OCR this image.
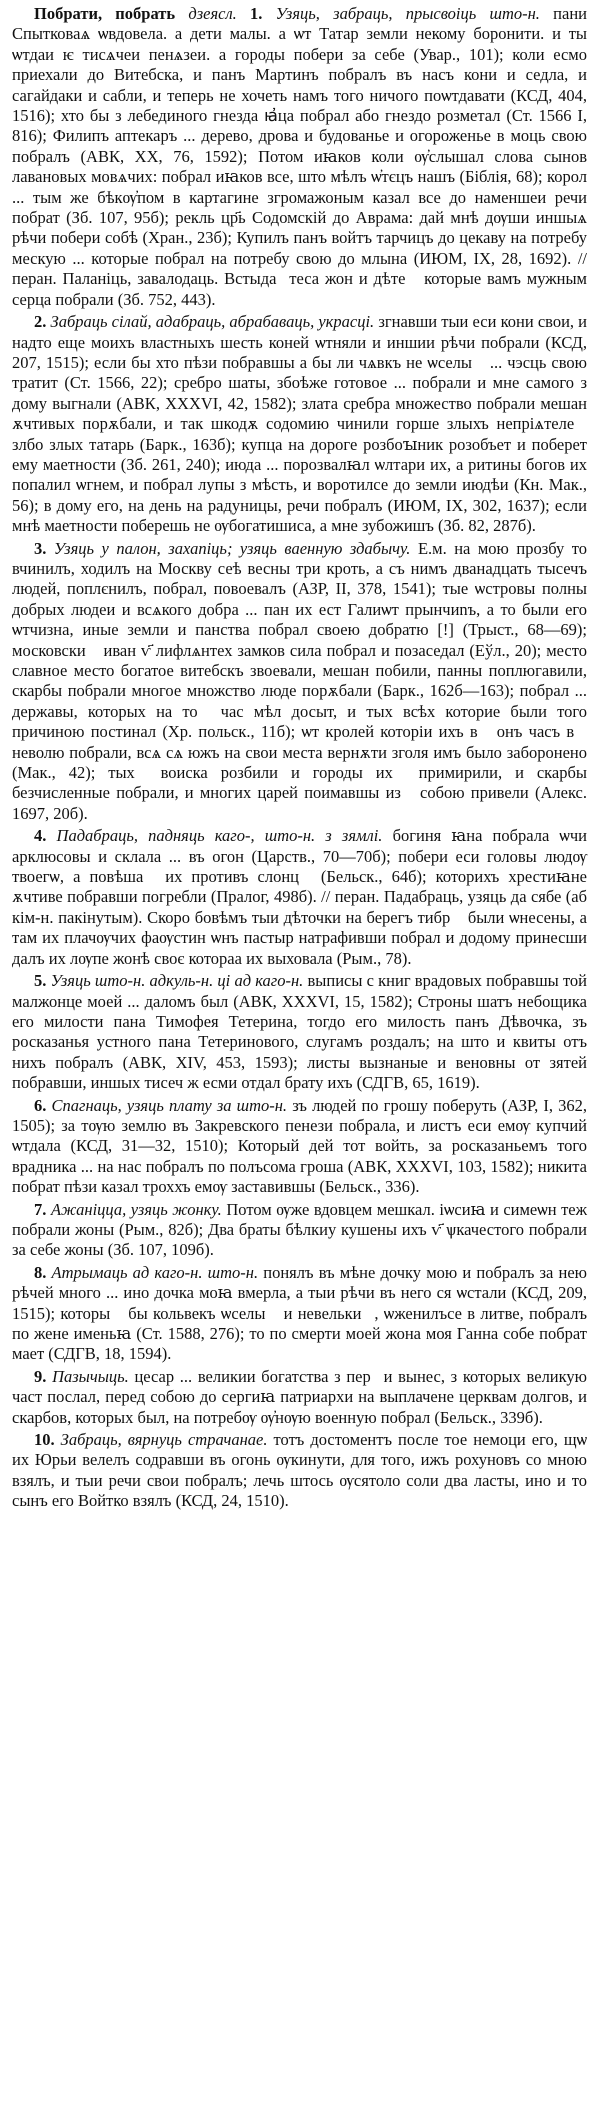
Побрати, побрать дзеясл. 1. Узяць, забраць, прысвоіць што-н. пани Спытковаѧ ѡвдовела. а дети малы. а ѡт Татар земли некому боронити. и ты ѡтдаи ѥ тисѧчеи пенѧзеи. а городы побери за себе (Увар., 101); коли есмо приехали до Витебска, и панъ Мартинъ побралъ въ насъ кони и седла, и сагайдаки и сабли, и теперь не хочеть намъ того ничого поѡтдавати (КСД, 404, 1516); хто бы з лебединого гнезда ꙗ҆ца побрал або гнездо розметал (Ст. 1566 I, 816); Филипъ аптекаръ ... дерево, дрова и будованье и огороженье в моць свою побралъ (АВК, XX, 76, 1592); Потом иꙗков коли ѹ҆слышал слова сынов лавановых мовѧчих: побрал иꙗков все, што мѣлъ ѡ҆тєцъ нашъ (Біблія, 68); корол ... тым же бѣкѹ҆пом в картагине згромажоным казал все до наменшеи речи побрат (Зб. 107, 95б); рекль цр҃ь Содомскій до Аврама: дай мнѣ дѹши иншыѧ рѣчи побери собѣ (Хран., 23б); Купилъ панъ войтъ тарчицъ до цекаву на потребу мескую ... которые побрал на потребу свою до млына (ИЮМ, IX, 28, 1692). // перан. Паланіць, завалодаць. Встыдаⷭтеса жон и дѣтеⷭ которые вамъ мужным серца побрали (Зб. 752, 443).

2. Забраць сілай, адабраць, абрабаваць, украсці. згнавши тыи еси кони свои, и надто еще моихъ властныхъ шесть коней ѡтняли и иншии рѣчи побрали (КСД, 207, 1515); если бы хто пѣзи побравшы а бы ли чѧвкъ не ѡселыⷭ ... чэсць свою тратит (Ст. 1566, 22); сребро шаты, збоѣже готовое ... побрали и мне самого з дому выгнали (АВК, XXXVI, 42, 1582); злата сребра множество побрали мешан ѫчтивых порѫбали, и так шкодѫ содомию чинили горше злыхъ непріѧтелеⷭ злбо злых татарь (Барк., 163б); купца на дороге розбоꙑник розобъет и поберет ему маетности (Зб. 261, 240); июда ... порозвалꙗл ѡлтари их, а ритины богов их попалил ѡгнем, и побрал лупы з мѣсть, и воротилсе до земли июдѣи (Кн. Мак., 56); в дому его, на день на радуницы, речи побралъ (ИЮМ, IX, 302, 1637); если мнѣ маетности поберешь не ѹбогатишиса, а мне зубожишъ (Зб. 82, 287б).

3. Узяць у палон, захапіць; узяць ваенную здабычу. Е.м. на мою прозбу то вчинилъ, ходилъ на Москву сеѣ весны три кроть, а съ нимъ дванадцать тысечъ людей, поплєнилъ, побрал, повоевалъ (АЗР, II, 378, 1541); тые ѡстровы полны добрых людеи и всѧкого добра ... пан их ест Галиѡт прынчиnъ, а то были его ѡтчизна, иные земли и панства побрал своею добратю [!] (Трыст., 68—69); московскиⷭ иван ѵ҃ лифлѧнтех замков сила побрал и позаседал (Еўл., 20); место славное место богатое витебскъ звоевали, мешан побили, панны поплюгавили, скарбы побрали многое множство люде порѫбали (Барк., 162б—163); побрал ... державы, которых на тоⷭ час мѣл досыт, и тых всѣх которие были того причиною постинал (Хр. польск., 11б); ѡт кролей которіи ихъ вⷭ онъ часъ вⷭ неволю побрали, всѧ сѧ южъ на свои места вернѫти зголя имъ было заборонено (Мак., 42); тыхⷭ воиска розбили и городы ихⷭ примирили, и скарбы безчисленные побрали, и многих царей поимавшы изⷭ собою привели (Алекс. 1697, 20б).

4. Падабраць, падняць каго-, што-н. з зямлі. богиня ꙗна побрала ѡчи арклюсовы и склала ... въ огон (Царств., 70—70б); побери еси головы людѹ твоегѡ, а повѣшаⷭ их противъ слонцꙋ (Бельск., 64б); которихъ хрестиꙗне ѫчтиве побравши погребли (Пралог, 498б). // перан. Падабраць, узяць да сябе (аб кім-н. пакінутым). Скоро бовѣмъ тыи дѣточки на берегъ тибрꙋ были ѡнесены, а там их плачѹчих фаѹстин ѡнъ пастыр натрафивши побрал и додому принесши далъ их лѹпе жонѣ своє котораа их выховала (Рым., 78).

5. Узяць што-н. адкуль-н. ці ад каго-н. выписы с книг врадовых побравшы той малжонце моей ... даломъ был (АВК, XXXVI, 15, 1582); Строны шатъ небощика его милости пана Тимофея Тетерина, тогдо его милость панъ Дѣвочка, зъ росказанья устного пана Тетеринового, слугамъ роздалъ; на што и квиты отъ нихъ побралъ (АВК, XIV, 453, 1593); листы вызнаные и веновны от зятей побравши, иншых тисеч ж есми отдал брату ихъ (СДГВ, 65, 1619).

6. Спагнаць, узяць плату за што-н. зъ людей по грошу поберуть (АЗР, I, 362, 1505); за тѹю землю въ Закревского пенези побрала, и листъ еси емѹ купчий ѡтдала (КСД, 31—32, 1510); Который дей тот войть, за росказаньемъ того врадника ... на нас побралъ по полъсома гроша (АВК, XXXVI, 103, 1582); никита побрат пѣзи казал троххъ емѹ заставившы (Бельск., 336).

7. Ажаніцца, узяць жонку. Потом ѹже вдовцем мешкал. іѡсиꙗ и симеѡн теж побрали жоны (Рым., 82б); Два браты бѣлкиу кушены ихъ ѵ҃ ѱкачестого побрали за себе жоны (Зб. 107, 109б).

8. Атрымаць ад каго-н. што-н. понялъ въ мѣне дочку мою и побралъ за нею рѣчей много ... ино дочка моꙗ вмерла, а тыи рѣчи въ него ся ѡстали (КСД, 209, 1515); которыⷭ бы кольвекъ ѡселыⷭ и невелькиⷭ, ѡженилъсе в литве, побралъ по жене именьꙗ (Ст. 1588, 276); то по смерти моей жона моя Ганна собе побрат мает (СДГВ, 18, 1594).

9. Пазычыць. цесар ... великии богатства з перⷭи вынес, з которых великую част послал, перед собою до сергиꙗ патриархи на выплачене церквам долгов, и скарбов, которых был, на потребѹ ѹ҆нѹю военную побрал (Бельск., 339б).

10. Забраць, вярнуць страчанае. тотъ достоментъ после тое немоци его, щѡ их Юрьи велелъ содравши въ огонь ѹкинути, для того, ижъ рохуновъ со мною взялъ, и тыи речи свои побралъ; лечь штось ѹсятоло соли два ласты, ино и то сынъ его Войтко взялъ (КСД, 24, 1510).
